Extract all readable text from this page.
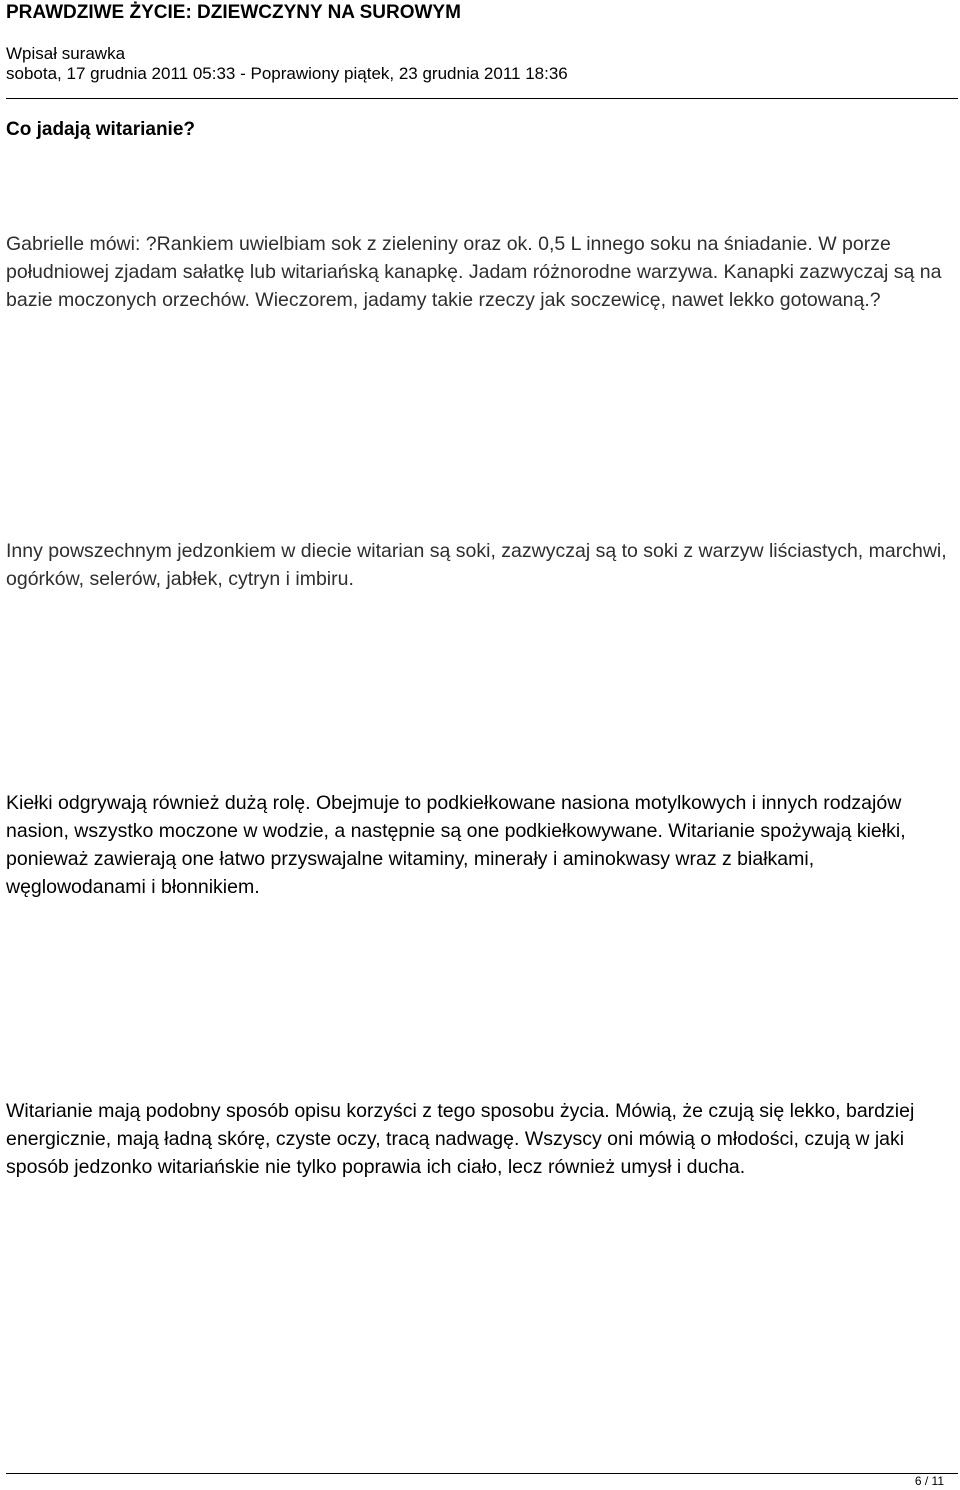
PRAWDZIWE ŻYCIE: DZIEWCZYNY NA SUROWYM
Wpisał surawka
sobota, 17 grudnia 2011 05:33 - Poprawiony piątek, 23 grudnia 2011 18:36
Co jadają witarianie?

Gabrielle mówi: ?Rankiem uwielbiam sok z zieleniny oraz ok. 0,5 L innego soku na śniadanie. W porze południowej zjadam sałatkę lub witariańską kanapkę. Jadam różnorodne warzywa. Kanapki zazwyczaj są na bazie moczonych orzechów. Wieczorem, jadamy takie rzeczy jak soczewicę, nawet lekko gotowaną.?

Inny powszechnym jedzonkiem w diecie witarian są soki, zazwyczaj są to soki z warzyw liściastych, marchwi, ogórków, selerów, jabłek, cytryn i imbiru.

Kiełki odgrywają również dużą rolę. Obejmuje to podkiełkowane nasiona motylkowych i innych rodzajów nasion, wszystko moczone w wodzie, a następnie są one podkiełkowywane. Witarianie spożywają kiełki, ponieważ zawierają one łatwo przyswajalne witaminy, minerały i aminokwasy wraz z białkami, węglowodanami i błonnikiem.

Witarianie mają podobny sposób opisu korzyści z tego sposobu życia. Mówią, że czują się lekko, bardziej energicznie, mają ładną skórę, czyste oczy, tracą nadwagę. Wszyscy oni mówią o młodości, czują w jaki sposób jedzonko witariańskie nie tylko poprawia ich ciało, lecz również umysł i ducha.

6 / 11
